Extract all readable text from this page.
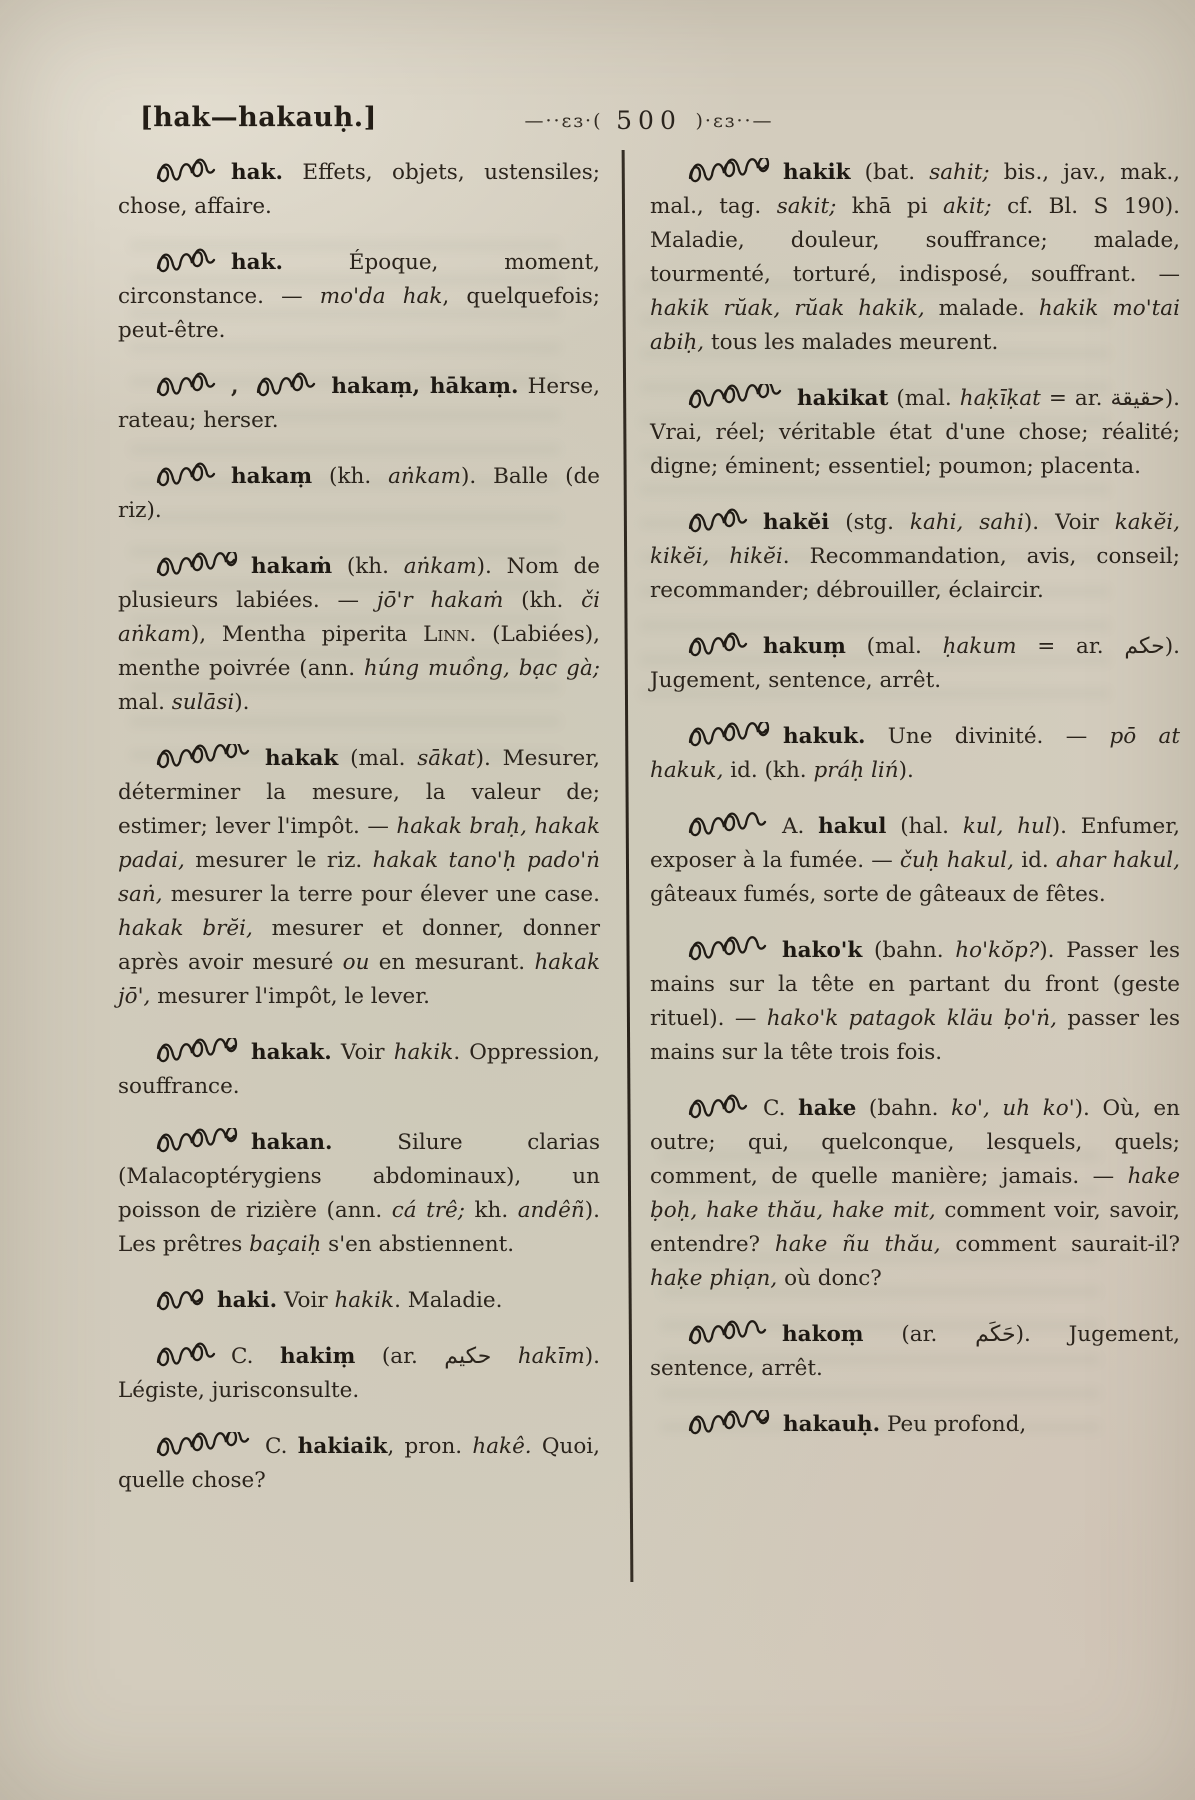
[hak—hakauḥ.]	—··ɛɜ·( 500 )·ɛɜ··—

hak. Effets, objets, ustensiles; chose, affaire.

hak. Époque, moment, circonstance. — mo'da hak, quelquefois; peut-être.

,	hakaṃ, hākaṃ. Herse, rateau; herser.

hakaṃ (kh. aṅkam). Balle (de riz).

hakaṁ (kh. aṅkam). Nom de plusieurs labiées. — jō'r hakaṁ (kh. či aṅkam), Mentha piperita Linn. (Labiées), menthe poivrée (ann. húng muồng, bạc gà; mal. sulāsi).

hakak (mal. sākat). Mesurer, déterminer la mesure, la valeur de; estimer; lever l'impôt. — hakak braḥ, hakak padai, mesurer le riz. hakak tano'ḥ pado'ṅ saṅ, mesurer la terre pour élever une case. hakak brĕi, mesurer et donner, donner après avoir mesuré ou en mesurant. hakak jō', mesurer l'impôt, le lever.

hakak. Voir hakik. Oppression, souffrance.

hakan. Silure clarias (Malacoptérygiens abdominaux), un poisson de rizière (ann. cá trê; kh. andêñ). Les prêtres baçaiḥ s'en abstiennent.

haki. Voir hakik. Maladie.

C. hakiṃ (ar. حكيم hakīm). Légiste, jurisconsulte.

C. hakiaik, pron. hakê. Quoi, quelle chose?

hakik (bat. sahit; bis., jav., mak., mal., tag. sakit; khā pi akit; cf. Bl. S 190). Maladie, douleur, souffrance; malade, tourmenté, torturé, indisposé, souffrant. — hakik rŭak, rŭak hakik, malade. hakik mo'tai abiḥ, tous les malades meurent.

hakikat (mal. haḳīḳat = ar. حقيقة). Vrai, réel; véritable état d'une chose; réalité; digne; éminent; essentiel; poumon; placenta.

hakĕi (stg. kahi, sahi). Voir kakĕi, kikĕi, hikĕi. Recommandation, avis, conseil; recommander; débrouiller, éclaircir.

hakuṃ (mal. ḥakum = ar. حكم). Jugement, sentence, arrêt.

hakuk. Une divinité. — pō at hakuk, id. (kh. práḥ liń).

A. hakul (hal. kul, hul). Enfumer, exposer à la fumée. — čuḥ hakul, id. ahar hakul, gâteaux fumés, sorte de gâteaux de fêtes.

hako'k (bahn. ho'kŏp?). Passer les mains sur la tête en partant du front (geste rituel). — hako'k patagok kläu ḅo'ṅ, passer les mains sur la tête trois fois.

C. hake (bahn. ko', uh ko'). Où, en outre; qui, quelconque, lesquels, quels; comment, de quelle manière; jamais. — hake ḅoḥ, hake thău, hake mit, comment voir, savoir, entendre? hake ñu thău, comment saurait-il? haḳe phiạn, où donc?

hakoṃ (ar. حَكَم). Jugement, sentence, arrêt.

hakauḥ. Peu profond,
